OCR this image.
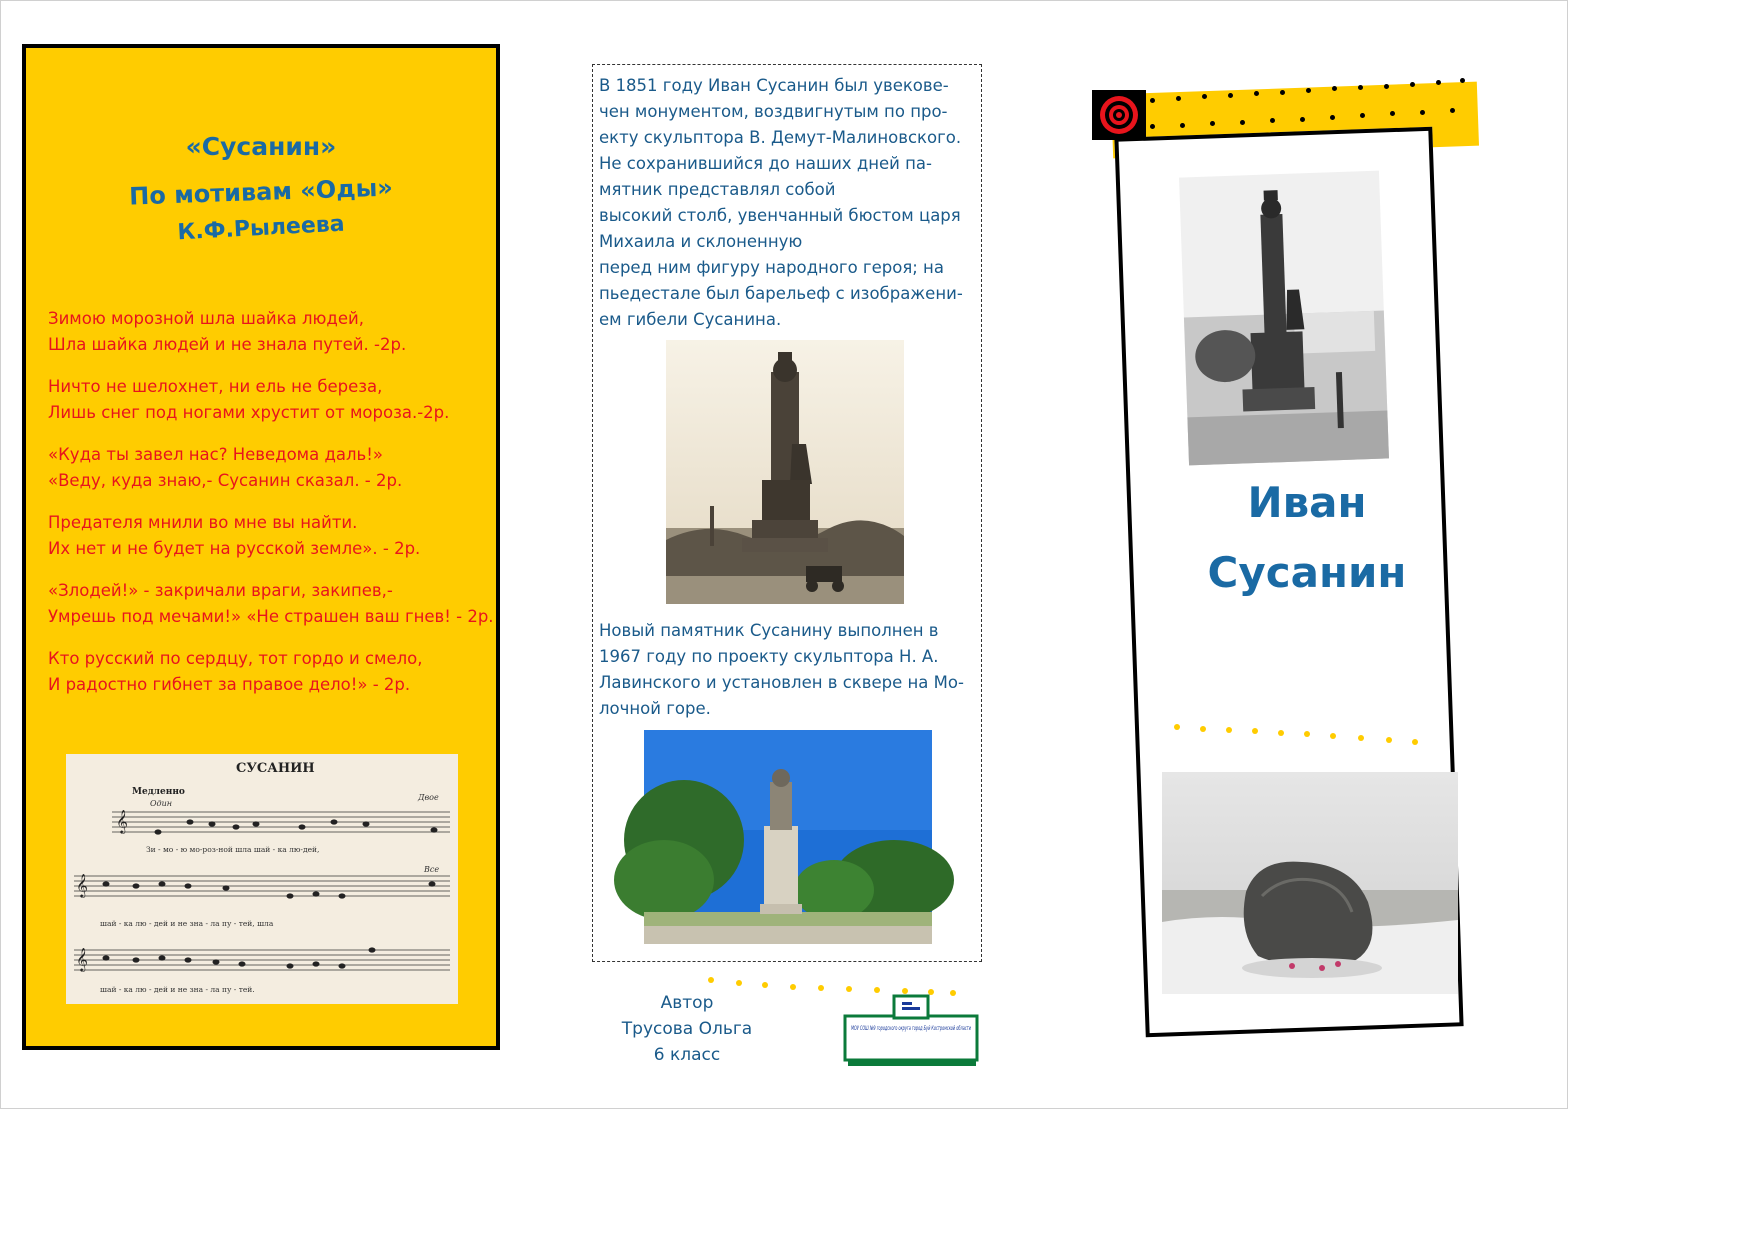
«Сусанин»
По мотивам «Оды»
К.Ф.Рылеева
Зимою морозной шла шайка людей,
Шла шайка людей и не знала путей. -2р.
Ничто не шелохнет, ни ель не береза,
Лишь снег под ногами хрустит от мороза.-2р.
«Куда ты завел нас? Неведома даль!»
«Веду, куда знаю,- Сусанин сказал. - 2р.
Предателя мнили во мне вы найти.
Их нет и не будет на русской земле». - 2р.
«Злодей!» - закричали враги, закипев,-
Умрешь под мечами!» «Не страшен ваш гнев! - 2р.
Кто русский по сердцу, тот гордо и смело,
И радостно гибнет за правое дело!» - 2р.
СУСАНИН
Медленно
Один
Двое
Все
𝄞
𝄞
𝄞
Зи - мо - ю мо-роз-ной шла шай - ка лю-дей,
шай - ка лю - дей и не зна - ла пу - тей, шла
шай - ка лю - дей и не зна - ла пу - тей.
В 1851 году Иван Сусанин был увекове-
чен монументом, воздвигнутым по про-
екту скульптора В. Демут-Малиновского.
Не сохранившийся до наших дней па-
мятник представлял собой
высокий столб, увенчанный бюстом царя
Михаила и склоненную
перед ним фигуру народного героя; на
пьедестале был барельеф с изображени-
ем гибели Сусанина.
Новый памятник Сусанину выполнен в
1967 году по проекту скульптора Н. А.
Лавинского и установлен в сквере на Мо-
лочной горе.
Автор
Трусова Ольга
6 класс
МОУ СОШ №9 городского округа город Буй Костромской области
Иван
Сусанин
